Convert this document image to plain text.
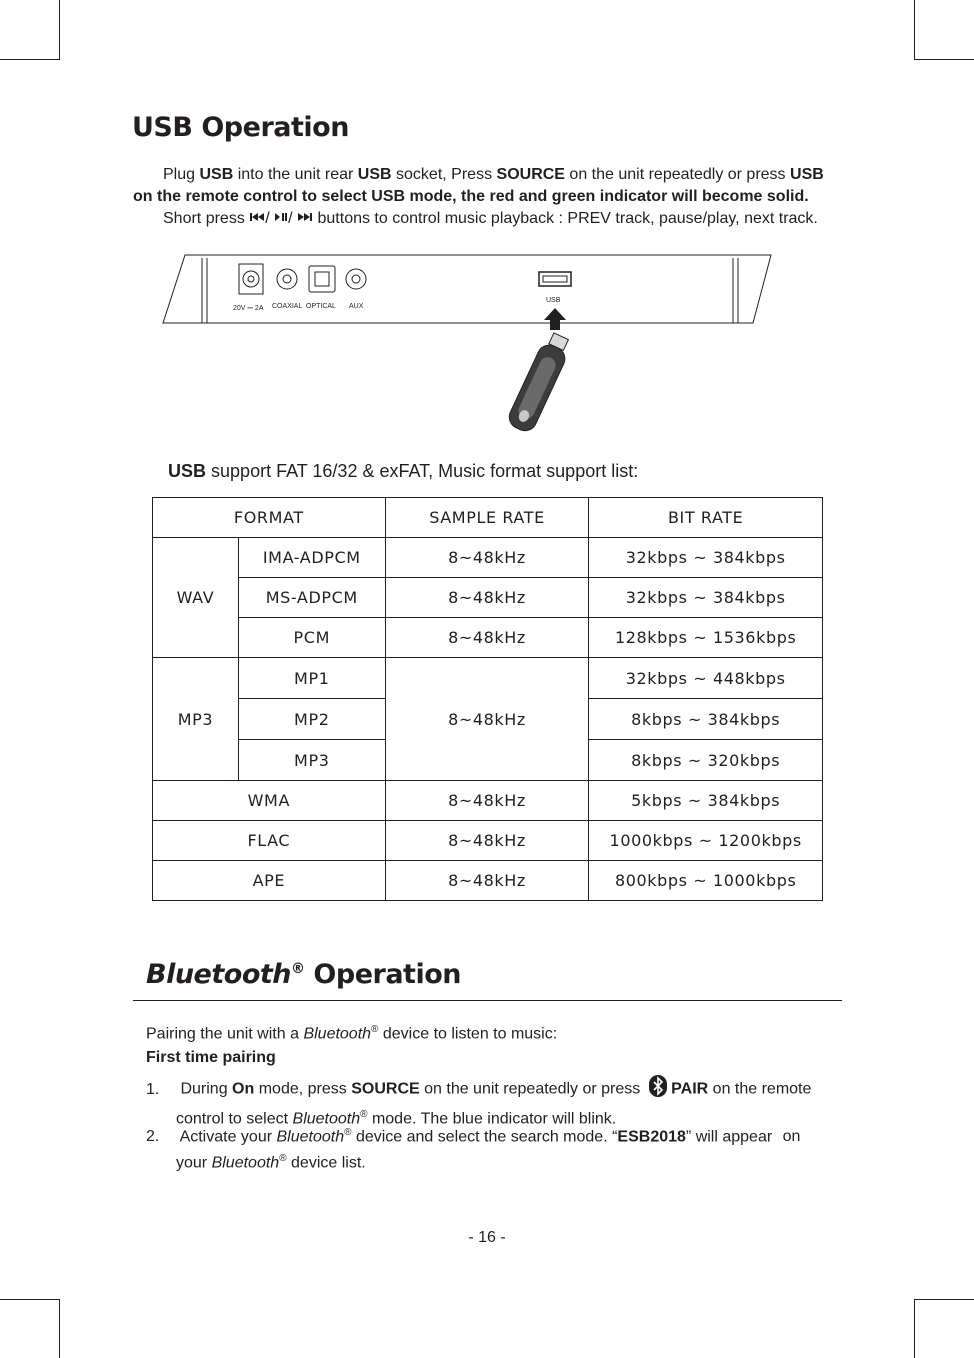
USB Operation
Plug USB into the unit rear USB socket, Press SOURCE on the unit repeatedly or press USB
on the remote control to select USB mode, the red and green indicator will become solid.
Short press / /  buttons to control music playback : PREV track, pause/play, next track.
20V ⎓ 2A COAXIAL OPTICAL AUX
USB
USB support FAT 16/32 & exFAT, Music format support list:
FORMAT		SAMPLE RATE	BIT RATE
WAV	IMA-ADPCM	8~48kHz	32kbps ~ 384kbps
	MS-ADPCM	8~48kHz	32kbps ~ 384kbps
	PCM	8~48kHz	128kbps ~ 1536kbps
MP3	MP1	8~48kHz	32kbps ~ 448kbps
	MP2		8kbps ~ 384kbps
	MP3		8kbps ~ 320kbps
WMA		8~48kHz	5kbps ~ 384kbps
FLAC		8~48kHz	1000kbps ~ 1200kbps
APE		8~48kHz	800kbps ~ 1000kbps
Bluetooth® Operation
Pairing the unit with a Bluetooth® device to listen to music:
First time pairing
1. During On mode, press SOURCE on the unit repeatedly or press PAIR on the remote
control to select Bluetooth® mode. The blue indicator will blink.
2. Activate your Bluetooth® device and select the search mode. “ESB2018” will appear on
your Bluetooth® device list.
- 16 -
